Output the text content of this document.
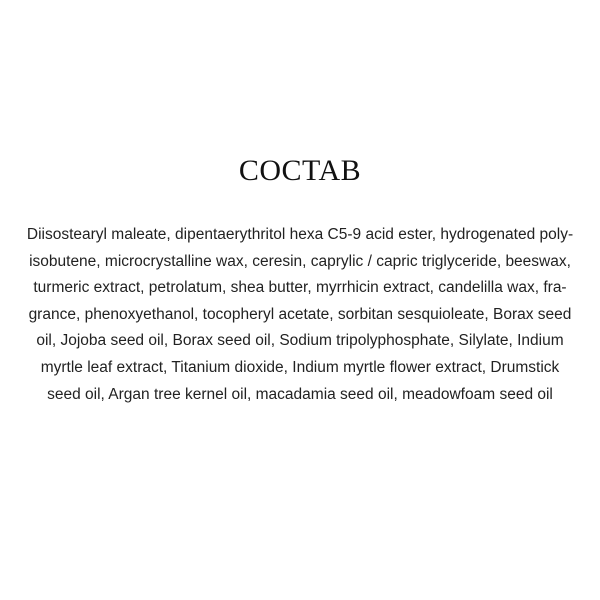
COCTAB
Diisostearyl maleate, dipentaerythritol hexa C5-9 acid ester, hydrogenated poly-
isobutene, microcrystalline wax, ceresin, caprylic / capric triglyceride, beeswax,
turmeric extract, petrolatum, shea butter, myrrhicin extract, candelilla wax, fra-
grance, phenoxyethanol, tocopheryl acetate, sorbitan sesquioleate, Borax seed
oil, Jojoba seed oil, Borax seed oil, Sodium tripolyphosphate, Silylate, Indium
myrtle leaf extract, Titanium dioxide, Indium myrtle flower extract, Drumstick
seed oil, Argan tree kernel oil, macadamia seed oil, meadowfoam seed oil
